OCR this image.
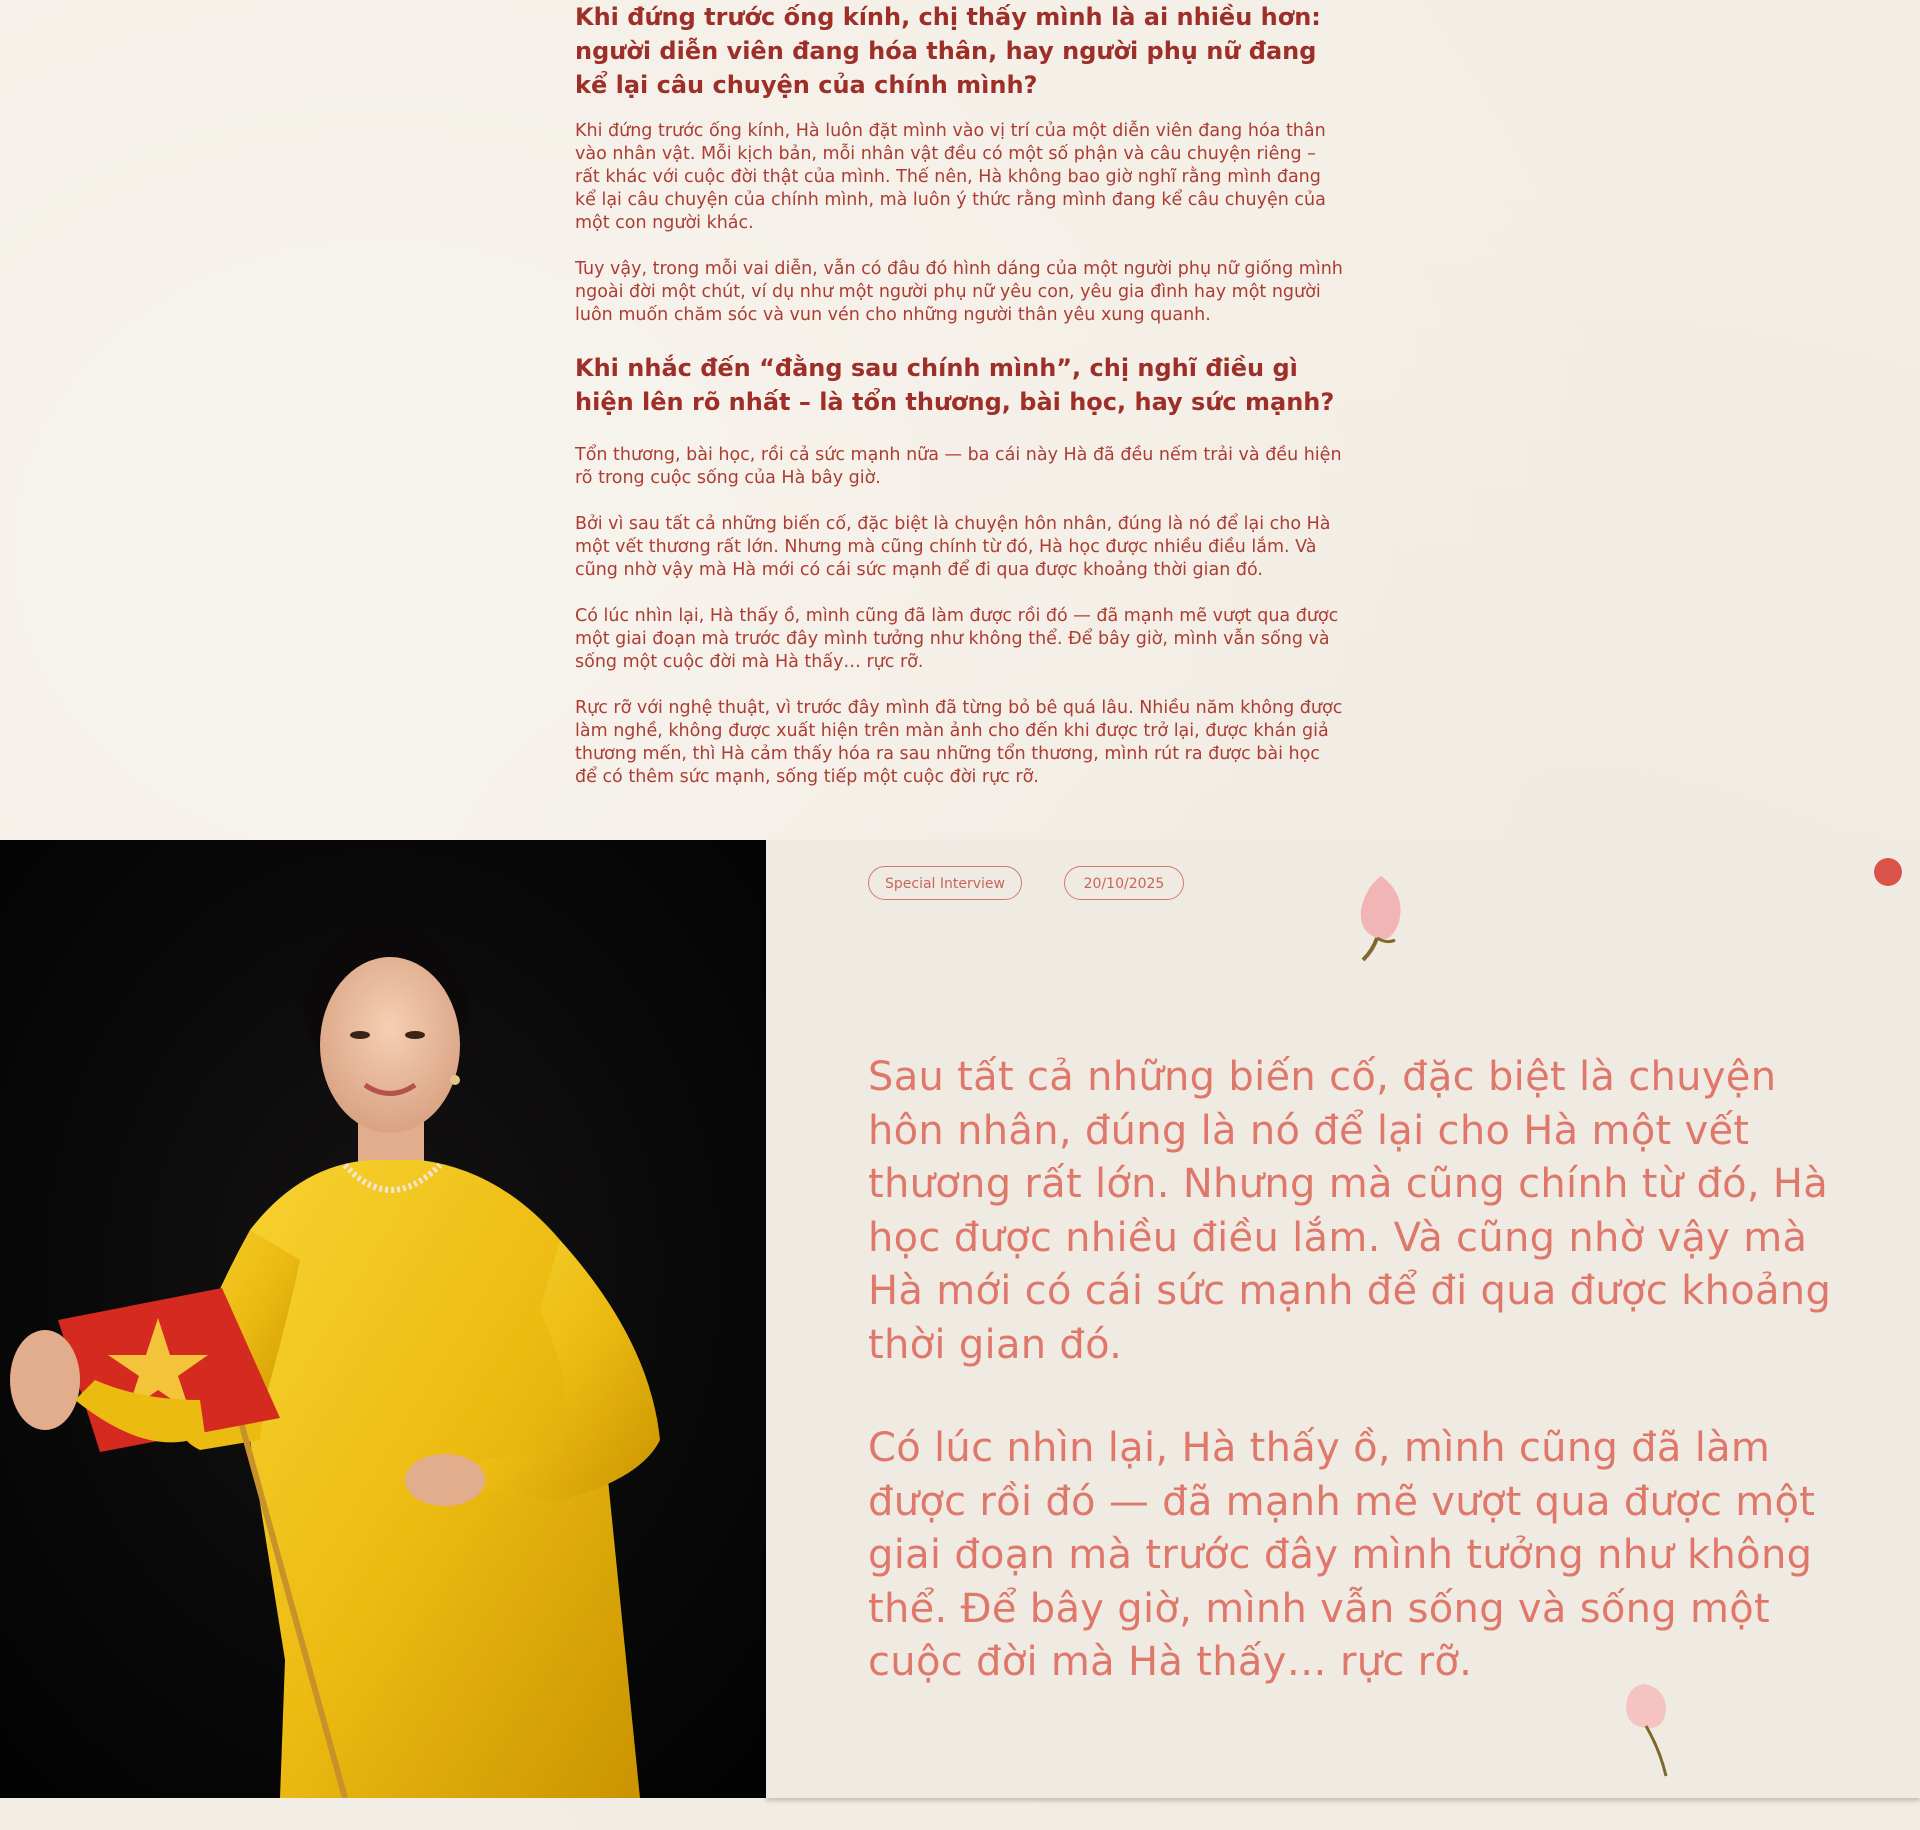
Khi đứng trước ống kính, chị thấy mình là ai nhiều hơn: người diễn viên đang hóa thân, hay người phụ nữ đang kể lại câu chuyện của chính mình?

Khi đứng trước ống kính, Hà luôn đặt mình vào vị trí của một diễn viên đang hóa thân vào nhân vật. Mỗi kịch bản, mỗi nhân vật đều có một số phận và câu chuyện riêng – rất khác với cuộc đời thật của mình. Thế nên, Hà không bao giờ nghĩ rằng mình đang kể lại câu chuyện của chính mình, mà luôn ý thức rằng mình đang kể câu chuyện của một con người khác.

Tuy vậy, trong mỗi vai diễn, vẫn có đâu đó hình dáng của một người phụ nữ giống mình ngoài đời một chút, ví dụ như một người phụ nữ yêu con, yêu gia đình hay một người luôn muốn chăm sóc và vun vén cho những người thân yêu xung quanh.

Khi nhắc đến “đằng sau chính mình”, chị nghĩ điều gì hiện lên rõ nhất – là tổn thương, bài học, hay sức mạnh?

Tổn thương, bài học, rồi cả sức mạnh nữa — ba cái này Hà đã đều nếm trải và đều hiện rõ trong cuộc sống của Hà bây giờ.

Bởi vì sau tất cả những biến cố, đặc biệt là chuyện hôn nhân, đúng là nó để lại cho Hà một vết thương rất lớn. Nhưng mà cũng chính từ đó, Hà học được nhiều điều lắm. Và cũng nhờ vậy mà Hà mới có cái sức mạnh để đi qua được khoảng thời gian đó.

Có lúc nhìn lại, Hà thấy ồ, mình cũng đã làm được rồi đó — đã mạnh mẽ vượt qua được một giai đoạn mà trước đây mình tưởng như không thể. Để bây giờ, mình vẫn sống và sống một cuộc đời mà Hà thấy… rực rỡ.

Rực rỡ với nghệ thuật, vì trước đây mình đã từng bỏ bê quá lâu. Nhiều năm không được làm nghề, không được xuất hiện trên màn ảnh cho đến khi được trở lại, được khán giả thương mến, thì Hà cảm thấy hóa ra sau những tổn thương, mình rút ra được bài học để có thêm sức mạnh, sống tiếp một cuộc đời rực rỡ.

Special Interview	20/10/2025

Sau tất cả những biến cố, đặc biệt là chuyện hôn nhân, đúng là nó để lại cho Hà một vết thương rất lớn. Nhưng mà cũng chính từ đó, Hà học được nhiều điều lắm. Và cũng nhờ vậy mà Hà mới có cái sức mạnh để đi qua được khoảng thời gian đó.

Có lúc nhìn lại, Hà thấy ồ, mình cũng đã làm được rồi đó — đã mạnh mẽ vượt qua được một giai đoạn mà trước đây mình tưởng như không thể. Để bây giờ, mình vẫn sống và sống một cuộc đời mà Hà thấy… rực rỡ.
